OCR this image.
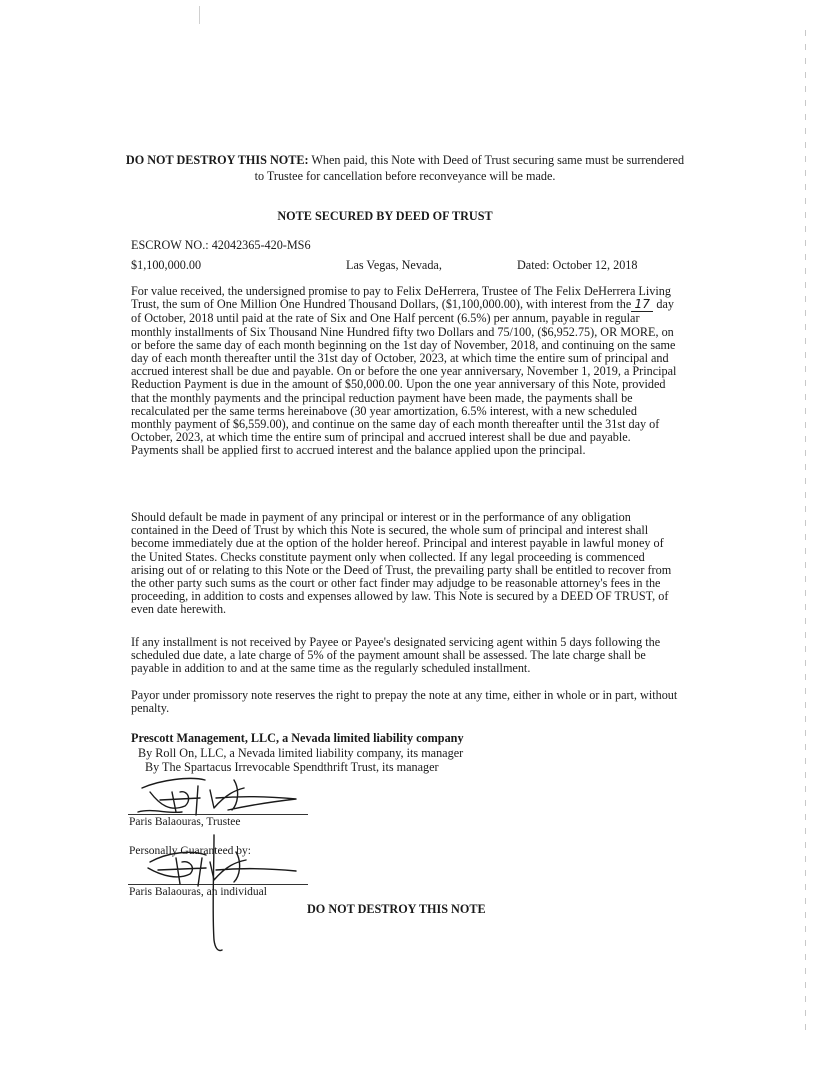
DO NOT DESTROY THIS NOTE: When paid, this Note with Deed of Trust securing same must be surrendered to Trustee for cancellation before reconveyance will be made.
NOTE SECURED BY DEED OF TRUST
ESCROW NO.: 42042365-420-MS6
$1,100,000.00	Las Vegas, Nevada,	Dated: October 12, 2018
For value received, the undersigned promise to pay to Felix DeHerrera, Trustee of The Felix DeHerrera Living Trust, the sum of One Million One Hundred Thousand Dollars, ($1,100,000.00), with interest from the 17 day of October, 2018 until paid at the rate of Six and One Half percent (6.5%) per annum, payable in regular monthly installments of Six Thousand Nine Hundred fifty two Dollars and 75/100, ($6,952.75), OR MORE, on or before the same day of each month beginning on the 1st day of November, 2018, and continuing on the same day of each month thereafter until the 31st day of October, 2023, at which time the entire sum of principal and accrued interest shall be due and payable. On or before the one year anniversary, November 1, 2019, a Principal Reduction Payment is due in the amount of $50,000.00. Upon the one year anniversary of this Note, provided that the monthly payments and the principal reduction payment have been made, the payments shall be recalculated per the same terms hereinabove (30 year amortization, 6.5% interest, with a new scheduled monthly payment of $6,559.00), and continue on the same day of each month thereafter until the 31st day of October, 2023, at which time the entire sum of principal and accrued interest shall be due and payable. Payments shall be applied first to accrued interest and the balance applied upon the principal.
Should default be made in payment of any principal or interest or in the performance of any obligation contained in the Deed of Trust by which this Note is secured, the whole sum of principal and interest shall become immediately due at the option of the holder hereof. Principal and interest payable in lawful money of the United States. Checks constitute payment only when collected. If any legal proceeding is commenced arising out of or relating to this Note or the Deed of Trust, the prevailing party shall be entitled to recover from the other party such sums as the court or other fact finder may adjudge to be reasonable attorney's fees in the proceeding, in addition to costs and expenses allowed by law. This Note is secured by a DEED OF TRUST, of even date herewith.
If any installment is not received by Payee or Payee's designated servicing agent within 5 days following the scheduled due date, a late charge of 5% of the payment amount shall be assessed. The late charge shall be payable in addition to and at the same time as the regularly scheduled installment.
Payor under promissory note reserves the right to prepay the note at any time, either in whole or in part, without penalty.
Prescott Management, LLC, a Nevada limited liability company
By Roll On, LLC, a Nevada limited liability company, its manager
By The Spartacus Irrevocable Spendthrift Trust, its manager
Paris Balaouras, Trustee
Personally Guaranteed by:
Paris Balaouras, an individual
DO NOT DESTROY THIS NOTE
